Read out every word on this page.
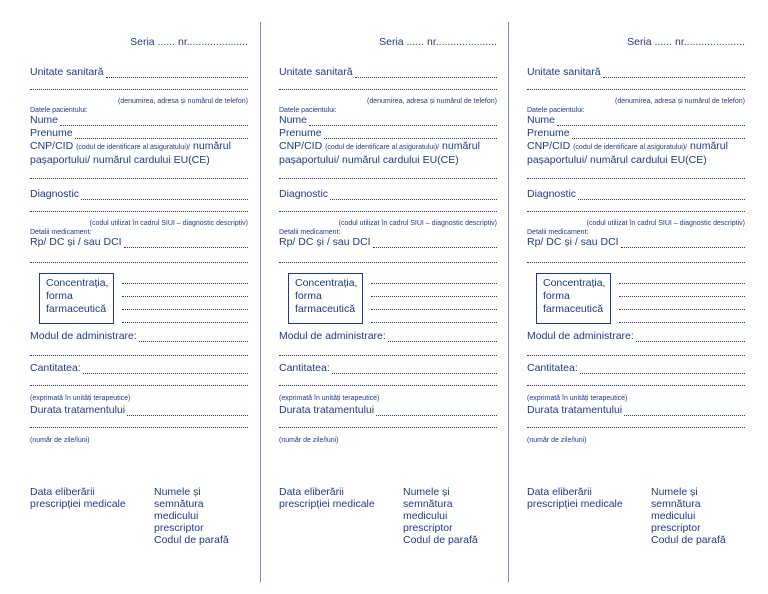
Seria ...... nr.....................
Unitate sanitară
(denumirea, adresa și numărul de telefon)
Datele pacientului:
Nume
Prenume
CNP/CID (codul de identificare al asiguratului)/ numărul
pașaportului/ numărul cardului EU(CE)
Diagnostic
(codul utilizat în cadrul SIUI – diagnostic descriptiv)
Detalii medicament:
Rp/ DC și / sau DCI
Concentrația,
forma
farmaceutică
Modul de administrare:
Cantitatea:
(exprimată în unități terapeutice)
Durata tratamentului
(număr de zile/luni)
Data eliberării
prescripției medicale
Numele și semnătura
medicului prescriptor
Codul de parafă
Seria ...... nr.....................
Unitate sanitară
(denumirea, adresa și numărul de telefon)
Datele pacientului:
Nume
Prenume
CNP/CID (codul de identificare al asiguratului)/ numărul
pașaportului/ numărul cardului EU(CE)
Diagnostic
(codul utilizat în cadrul SIUI – diagnostic descriptiv)
Detalii medicament:
Rp/ DC și / sau DCI
Concentrația,
forma
farmaceutică
Modul de administrare:
Cantitatea:
(exprimată în unități terapeutice)
Durata tratamentului
(număr de zile/luni)
Data eliberării
prescripției medicale
Numele și semnătura
medicului prescriptor
Codul de parafă
Seria ...... nr.....................
Unitate sanitară
(denumirea, adresa și numărul de telefon)
Datele pacientului:
Nume
Prenume
CNP/CID (codul de identificare al asiguratului)/ numărul
pașaportului/ numărul cardului EU(CE)
Diagnostic
(codul utilizat în cadrul SIUI – diagnostic descriptiv)
Detalii medicament:
Rp/ DC și / sau DCI
Concentrația,
forma
farmaceutică
Modul de administrare:
Cantitatea:
(exprimată în unități terapeutice)
Durata tratamentului
(număr de zile/luni)
Data eliberării
prescripției medicale
Numele și semnătura
medicului prescriptor
Codul de parafă
